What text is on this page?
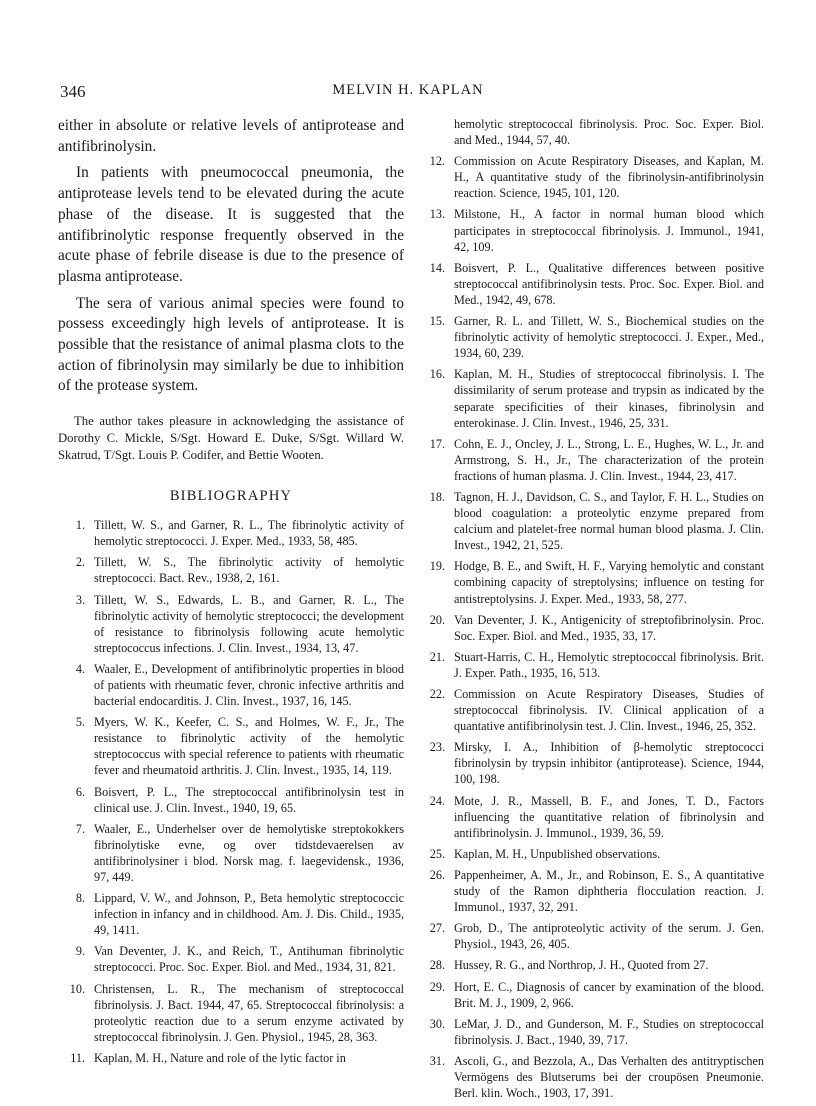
346	MELVIN H. KAPLAN

either in absolute or relative levels of antiprotease and antifibrinolysin.

In patients with pneumococcal pneumonia, the antiprotease levels tend to be elevated during the acute phase of the disease. It is suggested that the antifibrinolytic response frequently observed in the acute phase of febrile disease is due to the presence of plasma antiprotease.

The sera of various animal species were found to possess exceedingly high levels of antiprotease. It is possible that the resistance of animal plasma clots to the action of fibrinolysin may similarly be due to inhibition of the protease system.

The author takes pleasure in acknowledging the assistance of Dorothy C. Mickle, S/Sgt. Howard E. Duke, S/Sgt. Willard W. Skatrud, T/Sgt. Louis P. Codifer, and Bettie Wooten.

BIBLIOGRAPHY
1. Tillett, W. S., and Garner, R. L., The fibrinolytic activity of hemolytic streptococci. J. Exper. Med., 1933, 58, 485.
2. Tillett, W. S., The fibrinolytic activity of hemolytic streptococci. Bact. Rev., 1938, 2, 161.
3. Tillett, W. S., Edwards, L. B., and Garner, R. L., The fibrinolytic activity of hemolytic streptococci; the development of resistance to fibrinolysis following acute hemolytic streptococcus infections. J. Clin. Invest., 1934, 13, 47.
4. Waaler, E., Development of antifibrinolytic properties in blood of patients with rheumatic fever, chronic infective arthritis and bacterial endocarditis. J. Clin. Invest., 1937, 16, 145.
5. Myers, W. K., Keefer, C. S., and Holmes, W. F., Jr., The resistance to fibrinolytic activity of the hemolytic streptococcus with special reference to patients with rheumatic fever and rheumatoid arthritis. J. Clin. Invest., 1935, 14, 119.
6. Boisvert, P. L., The streptococcal antifibrinolysin test in clinical use. J. Clin. Invest., 1940, 19, 65.
7. Waaler, E., Underhelser over de hemolytiske streptokokkers fibrinolytiske evne, og over tidstdevaerelsen av antifibrinolysiner i blod. Norsk mag. f. laegevidensk., 1936, 97, 449.
8. Lippard, V. W., and Johnson, P., Beta hemolytic streptococcic infection in infancy and in childhood. Am. J. Dis. Child., 1935, 49, 1411.
9. Van Deventer, J. K., and Reich, T., Antihuman fibrinolytic streptococci. Proc. Soc. Exper. Biol. and Med., 1934, 31, 821.
10. Christensen, L. R., The mechanism of streptococcal fibrinolysis. J. Bact. 1944, 47, 65. Streptococcal fibrinolysis: a proteolytic reaction due to a serum enzyme activated by streptococcal fibrinolysin. J. Gen. Physiol., 1945, 28, 363.
11. Kaplan, M. H., Nature and role of the lytic factor in
hemolytic streptococcal fibrinolysis. Proc. Soc. Exper. Biol. and Med., 1944, 57, 40.
12. Commission on Acute Respiratory Diseases, and Kaplan, M. H., A quantitative study of the fibrinolysin-antifibrinolysin reaction. Science, 1945, 101, 120.
13. Milstone, H., A factor in normal human blood which participates in streptococcal fibrinolysis. J. Immunol., 1941, 42, 109.
14. Boisvert, P. L., Qualitative differences between positive streptococcal antifibrinolysin tests. Proc. Soc. Exper. Biol. and Med., 1942, 49, 678.
15. Garner, R. L. and Tillett, W. S., Biochemical studies on the fibrinolytic activity of hemolytic streptococci. J. Exper., Med., 1934, 60, 239.
16. Kaplan, M. H., Studies of streptococcal fibrinolysis. I. The dissimilarity of serum protease and trypsin as indicated by the separate specificities of their kinases, fibrinolysin and enterokinase. J. Clin. Invest., 1946, 25, 331.
17. Cohn, E. J., Oncley, J. L., Strong, L. E., Hughes, W. L., Jr. and Armstrong, S. H., Jr., The characterization of the protein fractions of human plasma. J. Clin. Invest., 1944, 23, 417.
18. Tagnon, H. J., Davidson, C. S., and Taylor, F. H. L., Studies on blood coagulation: a proteolytic enzyme prepared from calcium and platelet-free normal human blood plasma. J. Clin. Invest., 1942, 21, 525.
19. Hodge, B. E., and Swift, H. F., Varying hemolytic and constant combining capacity of streptolysins; influence on testing for antistreptolysins. J. Exper. Med., 1933, 58, 277.
20. Van Deventer, J. K., Antigenicity of streptofibrinolysin. Proc. Soc. Exper. Biol. and Med., 1935, 33, 17.
21. Stuart-Harris, C. H., Hemolytic streptococcal fibrinolysis. Brit. J. Exper. Path., 1935, 16, 513.
22. Commission on Acute Respiratory Diseases, Studies of streptococcal fibrinolysis. IV. Clinical application of a quantative antifibrinolysin test. J. Clin. Invest., 1946, 25, 352.
23. Mirsky, I. A., Inhibition of β-hemolytic streptococci fibrinolysin by trypsin inhibitor (antiprotease). Science, 1944, 100, 198.
24. Mote, J. R., Massell, B. F., and Jones, T. D., Factors influencing the quantitative relation of fibrinolysin and antifibrinolysin. J. Immunol., 1939, 36, 59.
25. Kaplan, M. H., Unpublished observations.
26. Pappenheimer, A. M., Jr., and Robinson, E. S., A quantitative study of the Ramon diphtheria flocculation reaction. J. Immunol., 1937, 32, 291.
27. Grob, D., The antiproteolytic activity of the serum. J. Gen. Physiol., 1943, 26, 405.
28. Hussey, R. G., and Northrop, J. H., Quoted from 27.
29. Hort, E. C., Diagnosis of cancer by examination of the blood. Brit. M. J., 1909, 2, 966.
30. LeMar, J. D., and Gunderson, M. F., Studies on streptococcal fibrinolysis. J. Bact., 1940, 39, 717.
31. Ascoli, G., and Bezzola, A., Das Verhalten des antitryptischen Vermögens des Blutserums bei der croupösen Pneumonie. Berl. klin. Woch., 1903, 17, 391.
